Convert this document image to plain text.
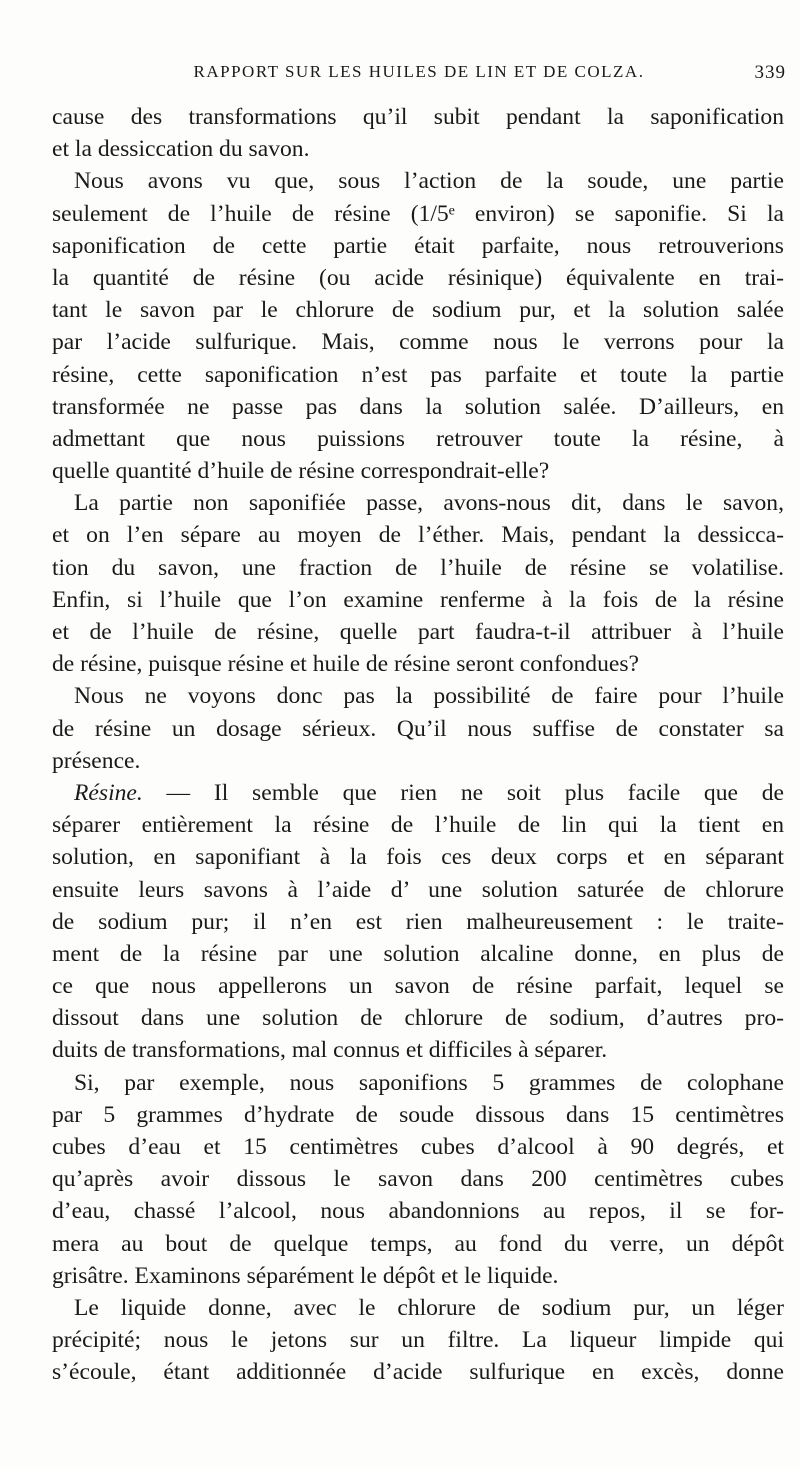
RAPPORT SUR LES HUILES DE LIN ET DE COLZA.	339
cause des transformations qu’il subit pendant la saponification
et la dessiccation du savon.
Nous avons vu que, sous l’action de la soude, une partie
seulement de l’huile de résine (1/5ᵉ environ) se saponifie. Si la
saponification de cette partie était parfaite, nous retrouverions
la quantité de résine (ou acide résinique) équivalente en trai-
tant le savon par le chlorure de sodium pur, et la solution salée
par l’acide sulfurique. Mais, comme nous le verrons pour la
résine, cette saponification n’est pas parfaite et toute la partie
transformée ne passe pas dans la solution salée. D’ailleurs, en
admettant que nous puissions retrouver toute la résine, à
quelle quantité d’huile de résine correspondrait-elle?
La partie non saponifiée passe, avons-nous dit, dans le savon,
et on l’en sépare au moyen de l’éther. Mais, pendant la dessicca-
tion du savon, une fraction de l’huile de résine se volatilise.
Enfin, si l’huile que l’on examine renferme à la fois de la résine
et de l’huile de résine, quelle part faudra-t-il attribuer à l’huile
de résine, puisque résine et huile de résine seront confondues?
Nous ne voyons donc pas la possibilité de faire pour l’huile
de résine un dosage sérieux. Qu’il nous suffise de constater sa
présence.
Résine. — Il semble que rien ne soit plus facile que de
séparer entièrement la résine de l’huile de lin qui la tient en
solution, en saponifiant à la fois ces deux corps et en séparant
ensuite leurs savons à l’aide d’ une solution saturée de chlorure
de sodium pur; il n’en est rien malheureusement : le traite-
ment de la résine par une solution alcaline donne, en plus de
ce que nous appellerons un savon de résine parfait, lequel se
dissout dans une solution de chlorure de sodium, d’autres pro-
duits de transformations, mal connus et difficiles à séparer.
Si, par exemple, nous saponifions 5 grammes de colophane
par 5 grammes d’hydrate de soude dissous dans 15 centimètres
cubes d’eau et 15 centimètres cubes d’alcool à 90 degrés, et
qu’après avoir dissous le savon dans 200 centimètres cubes
d’eau, chassé l’alcool, nous abandonnions au repos, il se for-
mera au bout de quelque temps, au fond du verre, un dépôt
grisâtre. Examinons séparément le dépôt et le liquide.
Le liquide donne, avec le chlorure de sodium pur, un léger
précipité; nous le jetons sur un filtre. La liqueur limpide qui
s’écoule, étant additionnée d’acide sulfurique en excès, donne
